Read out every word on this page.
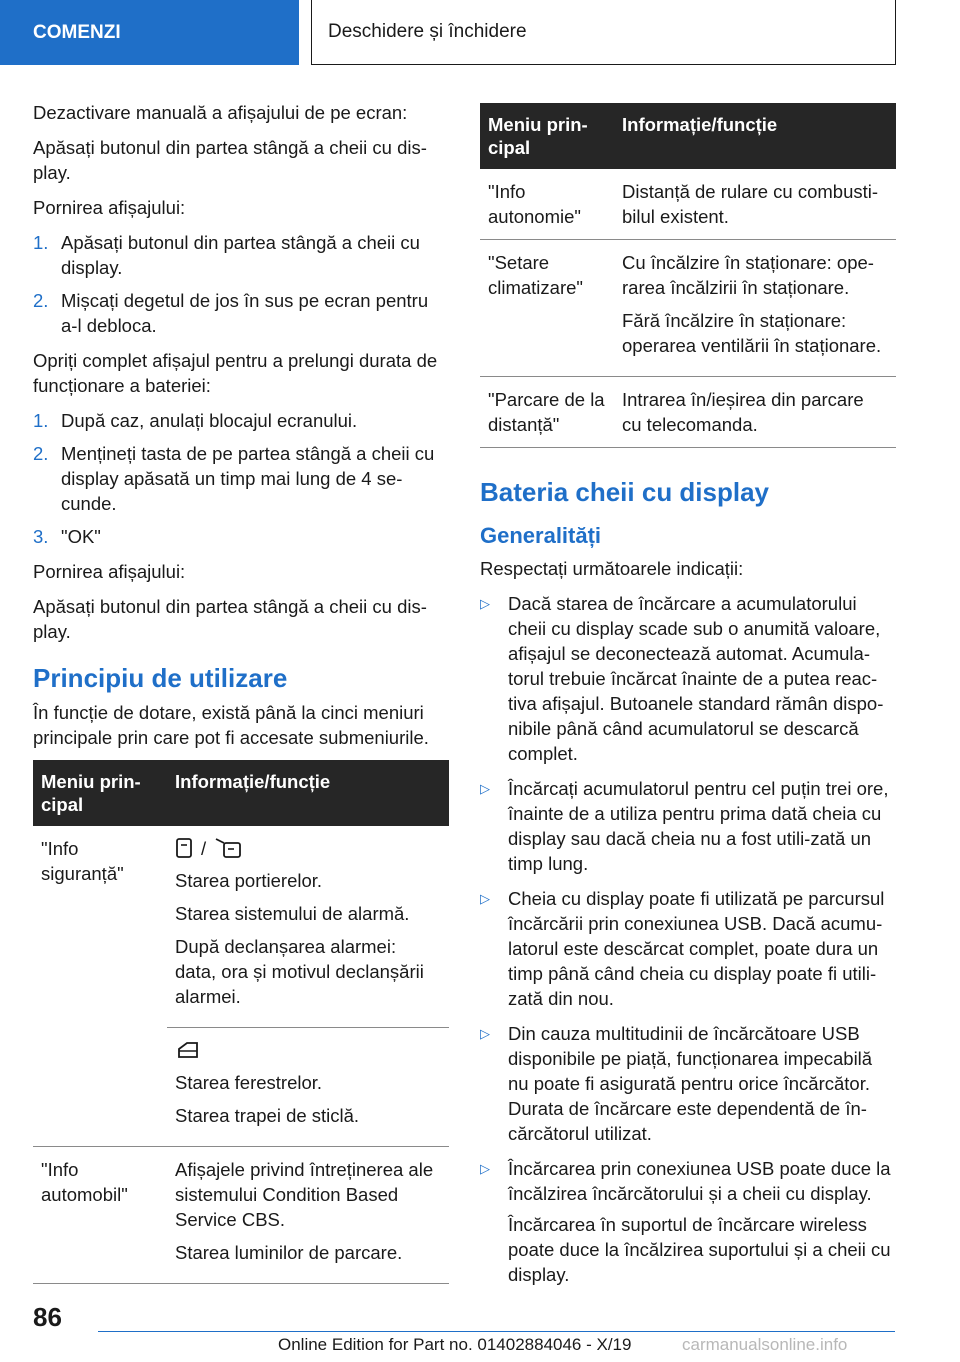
COMENZI	Deschidere și închidere

Dezactivare manuală a afișajului de pe ecran:

Apăsați butonul din partea stângă a cheii cu dis‐play.

Pornirea afișajului:

1. Apăsați butonul din partea stângă a cheii cu display.
2. Mișcați degetul de jos în sus pe ecran pentru a-l debloca.

Opriți complet afișajul pentru a prelungi durata de funcționare a bateriei:

1. După caz, anulați blocajul ecranului.
2. Mențineți tasta de pe partea stângă a cheii cu display apăsată un timp mai lung de 4 se‐cunde.
3. "OK"

Pornirea afișajului:

Apăsați butonul din partea stângă a cheii cu dis‐play.

Principiu de utilizare

În funcție de dotare, există până la cinci meniuri principale prin care pot fi accesate submeniurile.

Meniu prin‐cipal	Informație/funcție
"Info siguranță"	/

Starea portierelor.

Starea sistemului de alarmă.

După declanșarea alarmei: data, ora și motivul declanșării alarmei.

	Starea ferestrelor.

Starea trapei de sticlă.

"Info automobil"	Afișajele privind întreținerea ale sistemului Condition Based Service CBS.

Starea luminilor de parcare.

Meniu prin‐cipal	Informație/funcție
"Info autonomie"	Distanță de rulare cu combusti‐bilul existent.
"Setare climatizare"	Cu încălzire în staționare: ope‐rarea încălzirii în staționare.

Fără încălzire în staționare: operarea ventilării în staționare.

"Parcare de la distanță"	Intrarea în/ieșirea din parcare cu telecomanda.
Bateria cheii cu display
Generalități

Respectați următoarele indicații:

▷ Dacă starea de încărcare a acumulatorului cheii cu display scade sub o anumită valoare, afișajul se deconectează automat. Acumula‐torul trebuie încărcat înainte de a putea reac‐tiva afișajul. Butoanele standard rămân dispo‐nibile până când acumulatorul se descarcă complet.
▷ Încărcați acumulatorul pentru cel puțin trei ore, înainte de a utiliza pentru prima dată cheia cu display sau dacă cheia nu a fost utili‐zată un timp lung.
▷ Cheia cu display poate fi utilizată pe parcursul încărcării prin conexiunea USB. Dacă acumu‐latorul este descărcat complet, poate dura un timp până când cheia cu display poate fi utili‐zată din nou.
▷ Din cauza multitudinii de încărcătoare USB disponibile pe piață, funcționarea impecabilă nu poate fi asigurată pentru orice încărcător. Durata de încărcare este dependentă de în‐cărcătorul utilizat.
▷ Încărcarea prin conexiunea USB poate duce la încălzirea încărcătorului și a cheii cu display.

Încărcarea în suportul de încărcare wireless poate duce la încălzirea suportului și a cheii cu display.

86
Online Edition for Part no. 01402884046 - X/19	carmanualsonline.info
